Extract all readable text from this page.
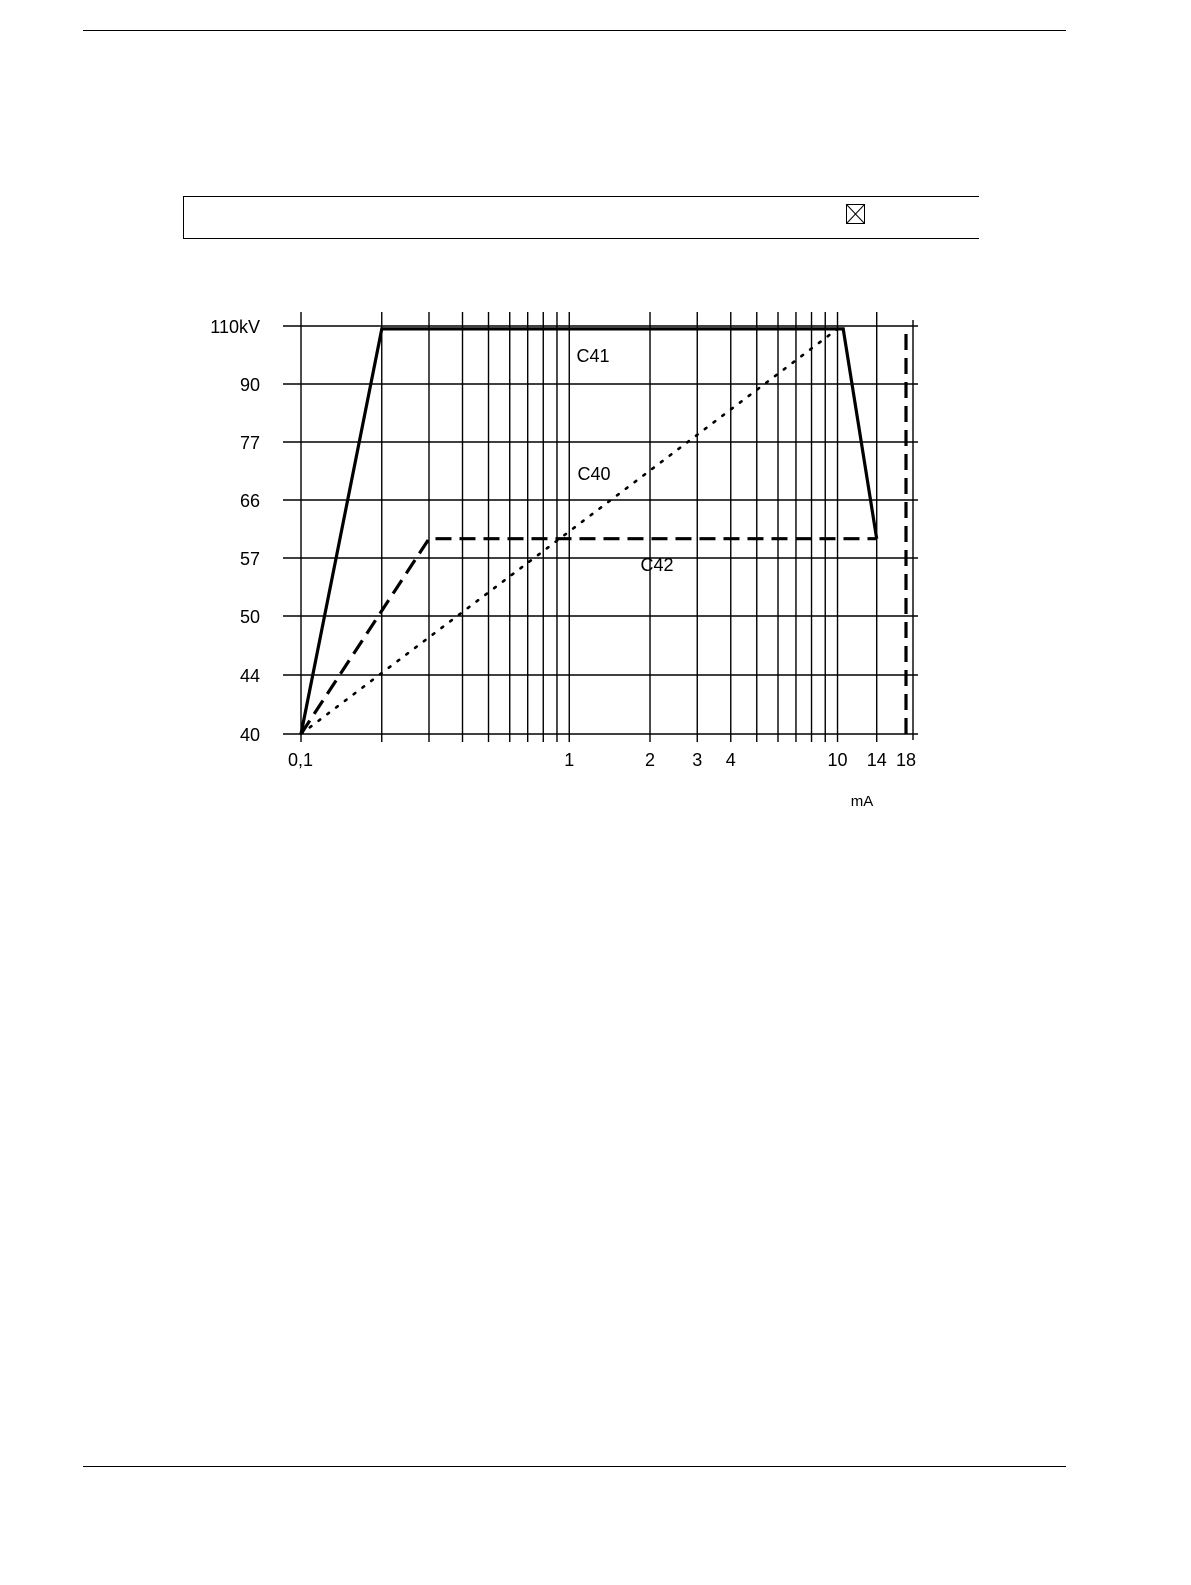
C41
C42
C40
110kV
90
77
66
57
50
44
40
0,1	1	2 3 4	10 14 18
mA
